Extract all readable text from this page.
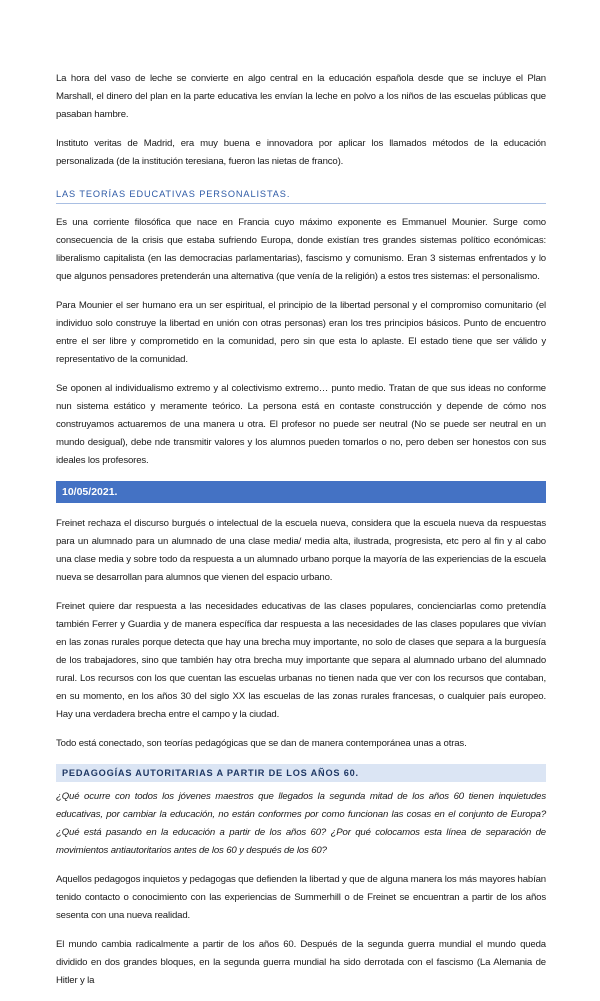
La hora del vaso de leche se convierte en algo central en la educación española desde que se incluye el Plan Marshall, el dinero del plan en la parte educativa les envían la leche en polvo a los niños de las escuelas públicas que pasaban hambre.

Instituto veritas de Madrid, era muy buena e innovadora por aplicar los llamados métodos de la educación personalizada (de la institución teresiana, fueron las nietas de franco).

LAS TEORÍAS EDUCATIVAS PERSONALISTAS.

Es una corriente filosófica que nace en Francia cuyo máximo exponente es Emmanuel Mounier. Surge como consecuencia de la crisis que estaba sufriendo Europa, donde existían tres grandes sistemas político económicas: liberalismo capitalista (en las democracias parlamentarias), fascismo y comunismo. Eran 3 sistemas enfrentados y lo que algunos pensadores pretenderán una alternativa (que venía de la religión) a estos tres sistemas: el personalismo.

Para Mounier el ser humano era un ser espiritual, el principio de la libertad personal y el compromiso comunitario (el individuo solo construye la libertad en unión con otras personas) eran los tres principios básicos. Punto de encuentro entre el ser libre y comprometido en la comunidad, pero sin que esta lo aplaste. El estado tiene que ser válido y representativo de la comunidad.

Se oponen al individualismo extremo y al colectivismo extremo… punto medio. Tratan de que sus ideas no conforme nun sistema estático y meramente teórico. La persona está en contaste construcción y depende de cómo nos construyamos actuaremos de una manera u otra. El profesor no puede ser neutral (No se puede ser neutral en un mundo desigual), debe nde transmitir valores y los alumnos pueden tomarlos o no, pero deben ser honestos con sus ideales los profesores.

10/05/2021.

Freinet rechaza el discurso burgués o intelectual de la escuela nueva, considera que la escuela nueva da respuestas para un alumnado para un alumnado de una clase media/ media alta, ilustrada, progresista, etc pero al fin y al cabo una clase media y sobre todo da respuesta a un alumnado urbano porque la mayoría de las experiencias de la escuela nueva se desarrollan para alumnos que vienen del espacio urbano.

Freinet quiere dar respuesta a las necesidades educativas de las clases populares, concienciarlas como pretendía también Ferrer y Guardia y de manera específica dar respuesta a las necesidades de las clases populares que vivían en las zonas rurales porque detecta que hay una brecha muy importante, no solo de clases que separa a la burguesía de los trabajadores, sino que también hay otra brecha muy importante que separa al alumnado urbano del alumnado rural. Los recursos con los que cuentan las escuelas urbanas no tienen nada que ver con los recursos que contaban, en su momento, en los años 30 del siglo XX las escuelas de las zonas rurales francesas, o cualquier país europeo. Hay una verdadera brecha entre el campo y la ciudad.

Todo está conectado, son teorías pedagógicas que se dan de manera contemporánea unas a otras.

PEDAGOGÍAS AUTORITARIAS A PARTIR DE LOS AÑOS 60.

¿Qué ocurre con todos los jóvenes maestros que llegados la segunda mitad de los años 60 tienen inquietudes educativas, por cambiar la educación, no están conformes por como funcionan las cosas en el conjunto de Europa? ¿Qué está pasando en la educación a partir de los años 60? ¿Por qué colocamos esta línea de separación de movimientos antiautoritarios antes de los 60 y después de los 60?

Aquellos pedagogos inquietos y pedagogas que defienden la libertad y que de alguna manera los más mayores habían tenido contacto o conocimiento con las experiencias de Summerhill o de Freinet se encuentran a partir de los años sesenta con una nueva realidad.

El mundo cambia radicalmente a partir de los años 60. Después de la segunda guerra mundial el mundo queda dividido en dos grandes bloques, en la segunda guerra mundial ha sido derrotada con el fascismo (La Alemania de Hitler y la
